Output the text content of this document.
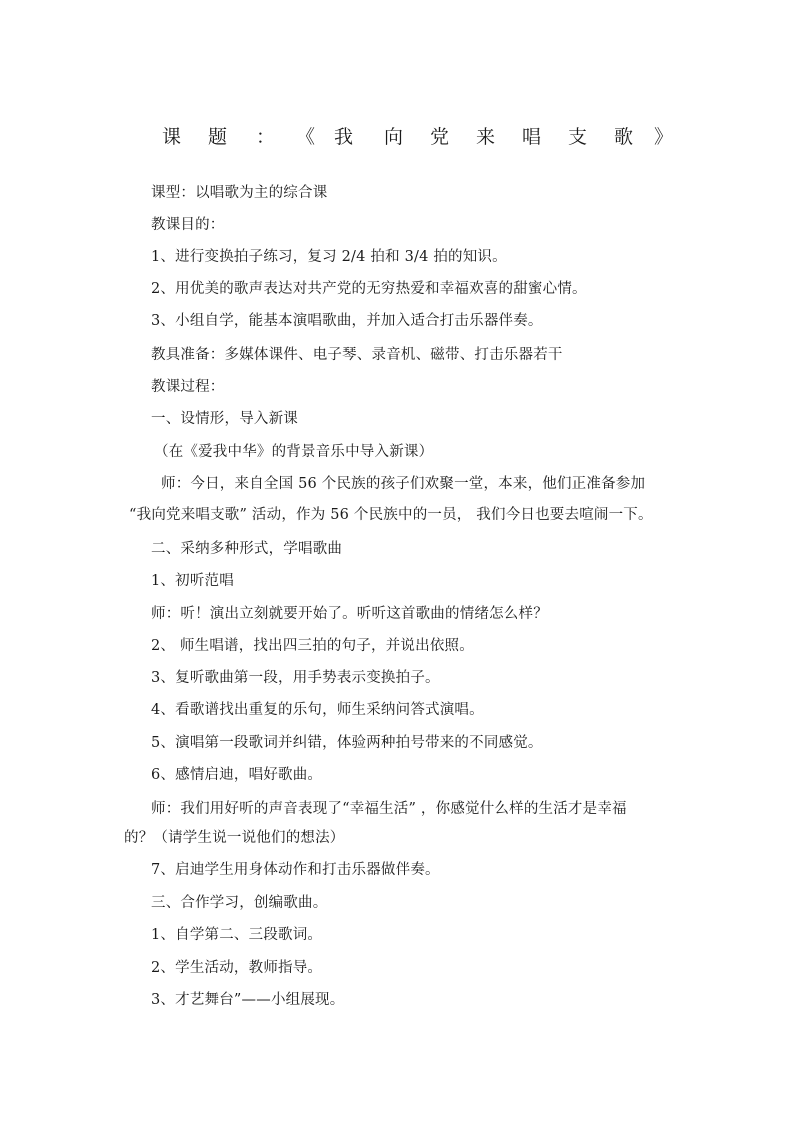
课 题 ： 《 我 向 党 来 唱 支 歌 》
课型：以唱歌为主的综合课
教课目的：
1、进行变换拍子练习，复习 2/4 拍和 3/4 拍的知识。
2、用优美的歌声表达对共产党的无穷热爱和幸福欢喜的甜蜜心情。
3、小组自学，能基本演唱歌曲，并加入适合打击乐器伴奏。
教具准备：多媒体课件、电子琴、录音机、磁带、打击乐器若干
教课过程：
一、设情形，导入新课
（在《爱我中华》的背景音乐中导入新课）
师：今日，来自全国 56 个民族的孩子们欢聚一堂，本来，他们正准备参加
“我向党来唱支歌” 活动，作为 56 个民族中的一员， 我们今日也要去喧闹一下。
二、采纳多种形式，学唱歌曲
1、初听范唱
师：听！演出立刻就要开始了。听听这首歌曲的情绪怎么样？
2、 师生唱谱，找出四三拍的句子，并说出依照。
3、复听歌曲第一段，用手势表示变换拍子。
4、看歌谱找出重复的乐句，师生采纳问答式演唱。
5、演唱第一段歌词并纠错，体验两种拍号带来的不同感觉。
6、感情启迪，唱好歌曲。
师：我们用好听的声音表现了“幸福生活” ，你感觉什么样的生活才是幸福
的？（请学生说一说他们的想法）
7、启迪学生用身体动作和打击乐器做伴奏。
三、合作学习，创编歌曲。
1、自学第二、三段歌词。
2、学生活动，教师指导。
3、才艺舞台”——小组展现。
